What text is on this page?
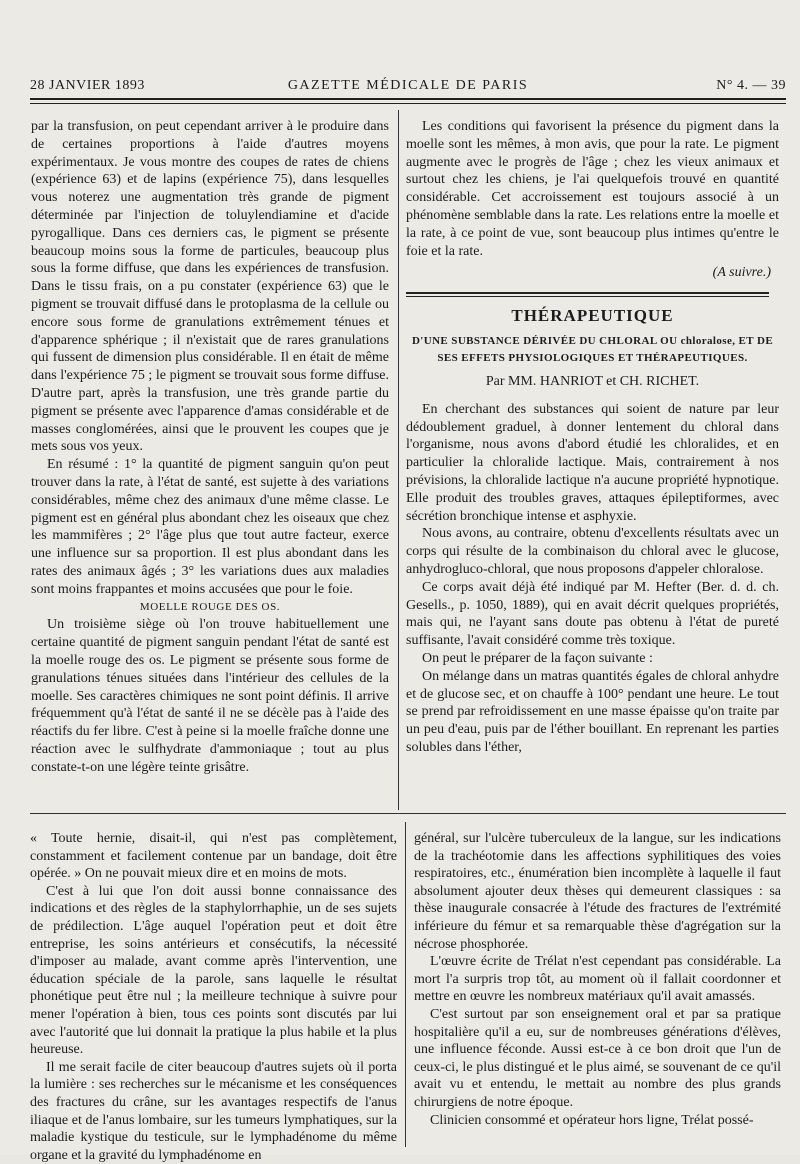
28 JANVIER 1893	GAZETTE MÉDICALE DE PARIS	N° 4. — 39

par la transfusion, on peut cependant arriver à le produire dans de certaines proportions à l'aide d'autres moyens expérimentaux. Je vous montre des coupes de rates de chiens (expérience 63) et de lapins (expérience 75), dans lesquelles vous noterez une augmentation très grande de pigment déterminée par l'injection de toluylendiamine et d'acide pyrogallique. Dans ces derniers cas, le pigment se présente beaucoup moins sous la forme de particules, beaucoup plus sous la forme diffuse, que dans les expériences de transfusion. Dans le tissu frais, on a pu constater (expérience 63) que le pigment se trouvait diffusé dans le protoplasma de la cellule ou encore sous forme de granulations extrêmement ténues et d'apparence sphérique ; il n'existait que de rares granulations qui fussent de dimension plus considérable. Il en était de même dans l'expérience 75 ; le pigment se trouvait sous forme diffuse. D'autre part, après la transfusion, une très grande partie du pigment se présente avec l'apparence d'amas considérable et de masses conglomérées, ainsi que le prouvent les coupes que je mets sous vos yeux.

En résumé : 1° la quantité de pigment sanguin qu'on peut trouver dans la rate, à l'état de santé, est sujette à des variations considérables, même chez des animaux d'une même classe. Le pigment est en général plus abondant chez les oiseaux que chez les mammifères ; 2° l'âge plus que tout autre facteur, exerce une influence sur sa proportion. Il est plus abondant dans les rates des animaux âgés ; 3° les variations dues aux maladies sont moins frappantes et moins accusées que pour le foie.

MOELLE ROUGE DES OS.

Un troisième siège où l'on trouve habituellement une certaine quantité de pigment sanguin pendant l'état de santé est la moelle rouge des os. Le pigment se présente sous forme de granulations ténues situées dans l'intérieur des cellules de la moelle. Ses caractères chimiques ne sont point définis. Il arrive fréquemment qu'à l'état de santé il ne se décèle pas à l'aide des réactifs du fer libre. C'est à peine si la moelle fraîche donne une réaction avec le sulfhydrate d'ammoniaque ; tout au plus constate-t-on une légère teinte grisâtre.

Les conditions qui favorisent la présence du pigment dans la moelle sont les mêmes, à mon avis, que pour la rate. Le pigment augmente avec le progrès de l'âge ; chez les vieux animaux et surtout chez les chiens, je l'ai quelquefois trouvé en quantité considérable. Cet accroissement est toujours associé à un phénomène semblable dans la rate. Les relations entre la moelle et la rate, à ce point de vue, sont beaucoup plus intimes qu'entre le foie et la rate.

(A suivre.)
THÉRAPEUTIQUE
D'UNE SUBSTANCE DÉRIVÉE DU CHLORAL OU chloralose, ET DE SES EFFETS PHYSIOLOGIQUES ET THÉRAPEUTIQUES.
Par MM. HANRIOT et CH. RICHET.

En cherchant des substances qui soient de nature par leur dédoublement graduel, à donner lentement du chloral dans l'organisme, nous avons d'abord étudié les chloralides, et en particulier la chloralide lactique. Mais, contrairement à nos prévisions, la chloralide lactique n'a aucune propriété hypnotique. Elle produit des troubles graves, attaques épileptiformes, avec sécrétion bronchique intense et asphyxie.

Nous avons, au contraire, obtenu d'excellents résultats avec un corps qui résulte de la combinaison du chloral avec le glucose, anhydrogluco-chloral, que nous proposons d'appeler chloralose.

Ce corps avait déjà été indiqué par M. Hefter (Ber. d. d. ch. Gesells., p. 1050, 1889), qui en avait décrit quelques propriétés, mais qui, ne l'ayant sans doute pas obtenu à l'état de pureté suffisante, l'avait considéré comme très toxique.

On peut le préparer de la façon suivante :

On mélange dans un matras quantités égales de chloral anhydre et de glucose sec, et on chauffe à 100° pendant une heure. Le tout se prend par refroidissement en une masse épaisse qu'on traite par un peu d'eau, puis par de l'éther bouillant. En reprenant les parties solubles dans l'éther,

« Toute hernie, disait-il, qui n'est pas complètement, constamment et facilement contenue par un bandage, doit être opérée. » On ne pouvait mieux dire et en moins de mots.

C'est à lui que l'on doit aussi bonne connaissance des indications et des règles de la staphylorrhaphie, un de ses sujets de prédilection. L'âge auquel l'opération peut et doit être entreprise, les soins antérieurs et consécutifs, la nécessité d'imposer au malade, avant comme après l'intervention, une éducation spéciale de la parole, sans laquelle le résultat phonétique peut être nul ; la meilleure technique à suivre pour mener l'opération à bien, tous ces points sont discutés par lui avec l'autorité que lui donnait la pratique la plus habile et la plus heureuse.

Il me serait facile de citer beaucoup d'autres sujets où il porta la lumière : ses recherches sur le mécanisme et les conséquences des fractures du crâne, sur les avantages respectifs de l'anus iliaque et de l'anus lombaire, sur les tumeurs lymphatiques, sur la maladie kystique du testicule, sur le lymphadénome du même organe et la gravité du lymphadénome en

général, sur l'ulcère tuberculeux de la langue, sur les indications de la trachéotomie dans les affections syphilitiques des voies respiratoires, etc., énumération bien incomplète à laquelle il faut absolument ajouter deux thèses qui demeurent classiques : sa thèse inaugurale consacrée à l'étude des fractures de l'extrémité inférieure du fémur et sa remarquable thèse d'agrégation sur la nécrose phosphorée.

L'œuvre écrite de Trélat n'est cependant pas considérable. La mort l'a surpris trop tôt, au moment où il fallait coordonner et mettre en œuvre les nombreux matériaux qu'il avait amassés.

C'est surtout par son enseignement oral et par sa pratique hospitalière qu'il a eu, sur de nombreuses générations d'élèves, une influence féconde. Aussi est-ce à ce bon droit que l'un de ceux-ci, le plus distingué et le plus aimé, se souvenant de ce qu'il avait vu et entendu, le mettait au nombre des plus grands chirurgiens de notre époque.

Clinicien consommé et opérateur hors ligne, Trélat possé-
